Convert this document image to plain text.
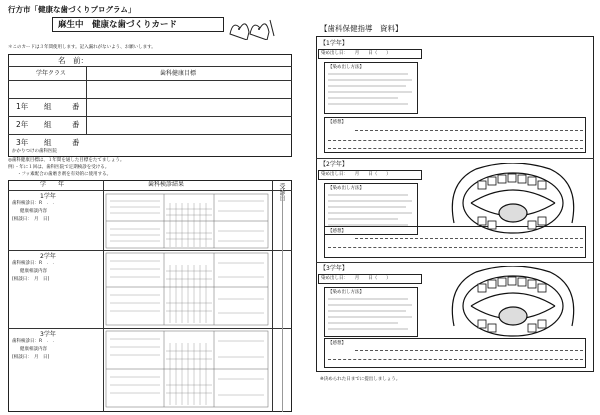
行方市「健康な歯づくりプログラム」
麻生中　健康な歯づくりカード
＊このカードは３年間使用します。記入漏れがないよう、お願いします。
名　前：
学年クラス	歯科健康目標
1年 組	番
2年 組	番
3年 組	番
かかりつけの歯科医院
◎歯科健康目標は、１年間を通した目標をたてましょう。
例）・年に１回は、歯科医院で定期検診を受ける。
　　・フッ素配合の歯磨き剤を有効的に使用する。
学　　年	歯科検診結果	受診日
1学年
歯科検診日：R　.　.
健康相談内容
[相談日：　月　日]
2学年
歯科検診日：R　.　.
健康相談内容
[相談日：　月　日]
3学年
歯科検診日：R　.　.
健康相談内容
[相談日：　月　日]
【歯科保健指導　資料】
【1学年】
染め出し日：　　月　　日（　　）
【染め出し方法】
【感想】
【2学年】
染め出し日：　　月　　日（　　）
【染め出し方法】
【感想】
【3学年】
染め出し日：　　月　　日（　　）
【染め出し方法】
【感想】
※決められた日までに提出しましょう。
